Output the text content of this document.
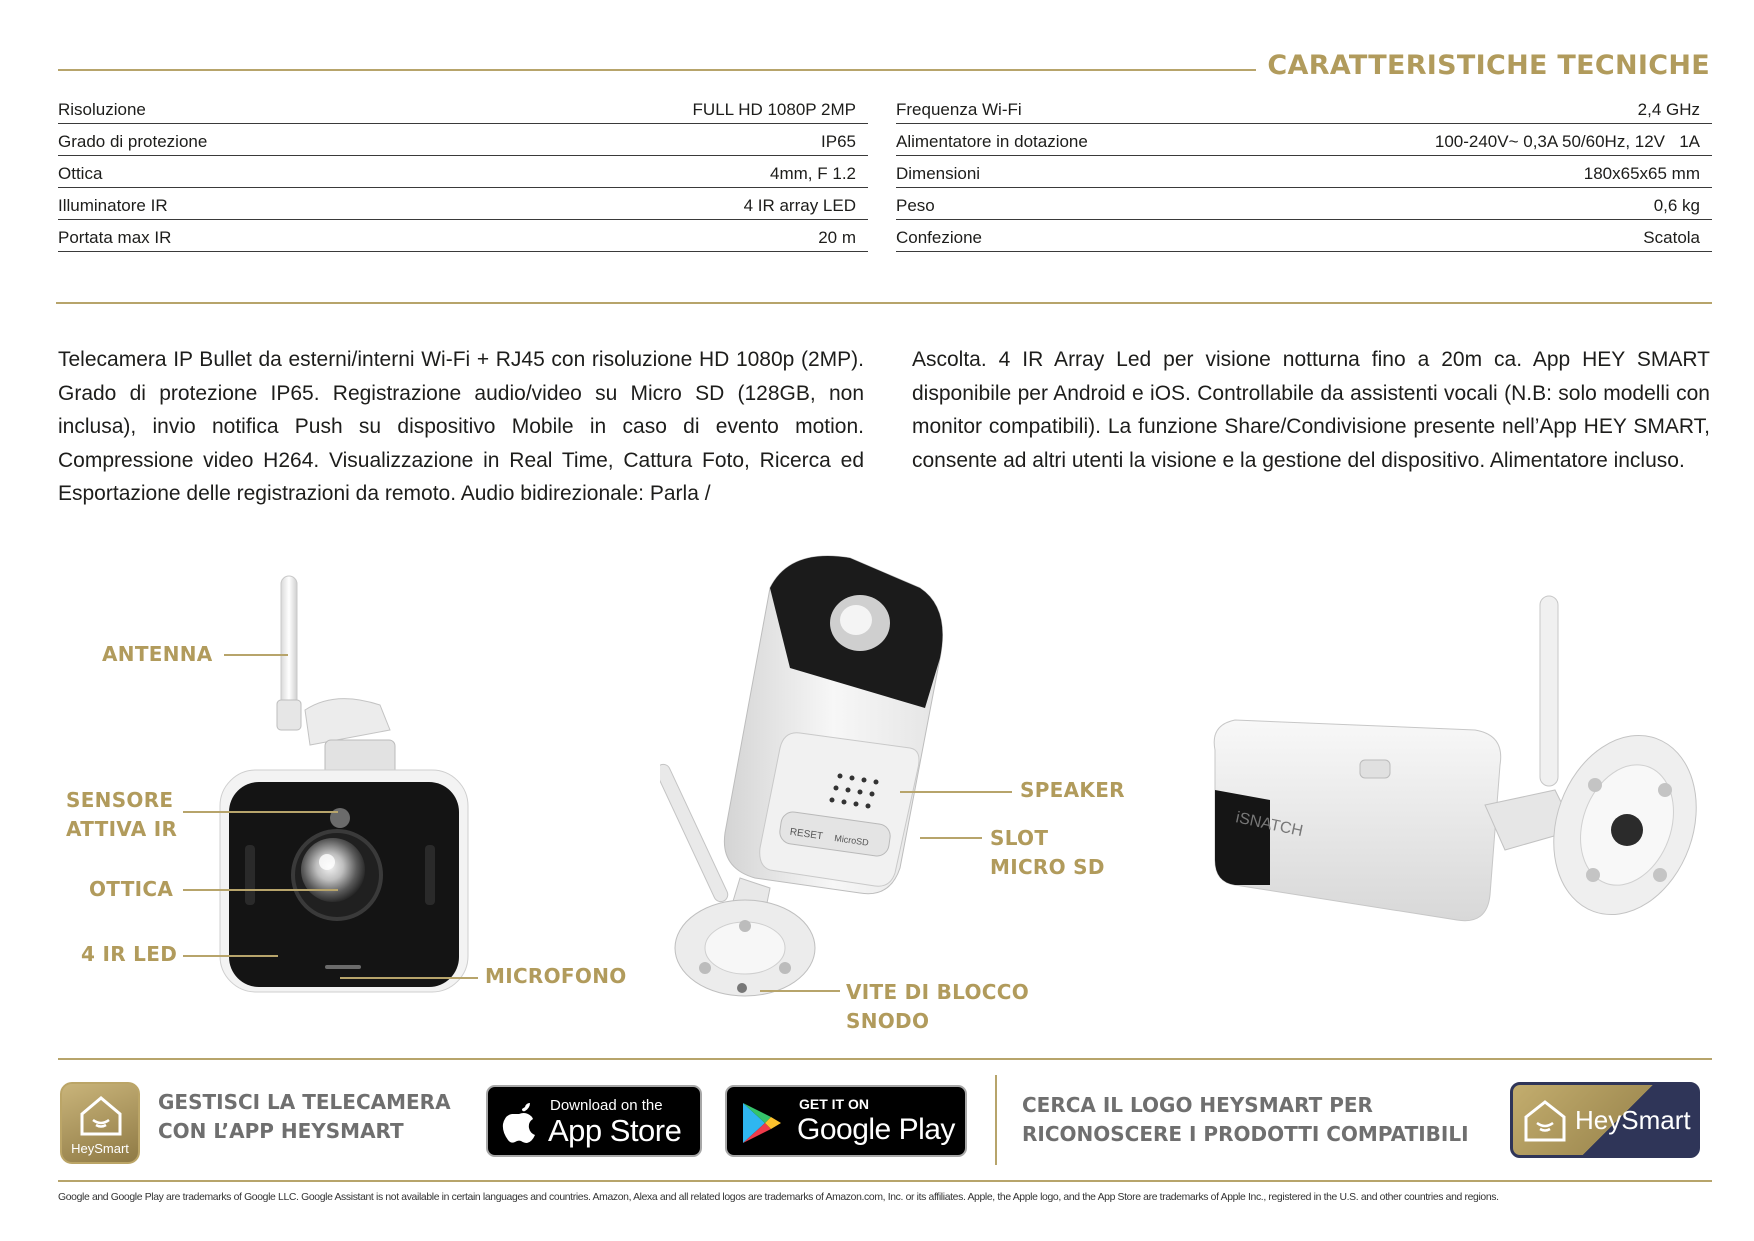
CARATTERISTICHE TECNICHE
Risoluzione	FULL HD 1080P 2MP
Grado di protezione	IP65
Ottica	4mm, F 1.2
Illuminatore IR	4 IR array LED
Portata max IR	20 m
Frequenza Wi-Fi	2,4 GHz
Alimentatore in dotazione	100-240V~ 0,3A 50/60Hz, 12V   1A
Dimensioni	180x65x65 mm
Peso	0,6 kg
Confezione	Scatola
Telecamera IP Bullet da esterni/interni Wi-Fi + RJ45 con risoluzione HD 1080p (2MP). Grado di protezione IP65. Registrazione audio/video su Micro SD (128GB, non inclusa), invio notifica Push su dispositivo Mobile in caso di evento motion. Compressione video H264. Visualizzazione in Real Time, Cattura Foto, Ricerca ed Esportazione delle registrazioni da remoto. Audio bidirezionale: Parla /
Ascolta. 4 IR Array Led per visione notturna fino a 20m ca. App HEY SMART disponibile per Android e iOS. Controllabile da assistenti vocali (N.B: solo modelli con monitor compatibili). La funzione Share/Condivisione presente nell’App HEY SMART, consente ad altri utenti la visione e la gestione del dispositivo. Alimentatore incluso.
RESET MicroSD
iSNATCH
ANTENNA
SENSORE
ATTIVA IR
OTTICA
4 IR LED
MICROFONO
SPEAKER
SLOT
MICRO SD
VITE DI BLOCCO
SNODO
HeySmart
GESTISCI LA TELECAMERA
CON L’APP HEYSMART
Download on the
App Store
GET IT ON
Google Play
CERCA IL LOGO HEYSMART PER
RICONOSCERE I PRODOTTI COMPATIBILI	HeySmart
Google and Google Play are trademarks of Google LLC. Google Assistant is not available in certain languages and countries. Amazon, Alexa and all related logos are trademarks of Amazon.com, Inc. or its affiliates. Apple, the Apple logo, and the App Store are trademarks of Apple Inc., registered in the U.S. and other countries and regions.
